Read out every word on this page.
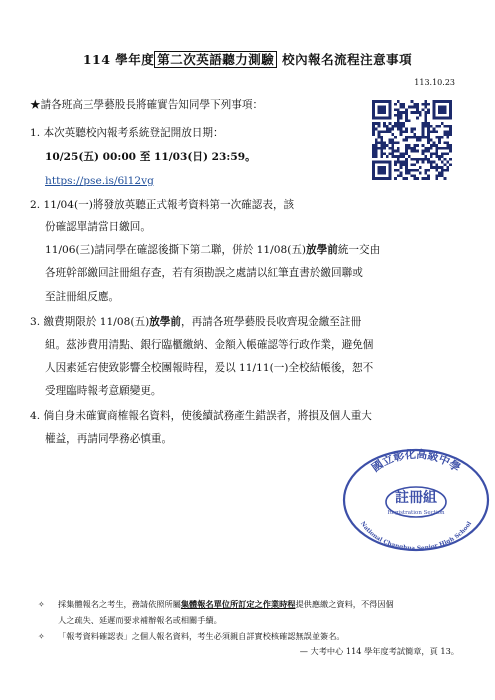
114 學年度 第二次英語聽力測驗 校內報名流程注意事項
113.10.23
★請各班高三學藝股長將確實告知同學下列事項：
1. 本次英聽校內報考系統登記開放日期：
10/25(五) 00:00 至 11/03(日) 23:59。
https://pse.is/6l12vg
2. 11/04(一)將發放英聽正式報考資料第一次確認表，該
份確認單請當日繳回。
11/06(三)請同學在確認後撕下第二聯，併於 11/08(五)放學前統一交由
各班幹部繳回註冊組存查，若有須勘誤之處請以紅筆直書於繳回聯或
至註冊組反應。
3. 繳費期限於 11/08(五)放學前，再請各班學藝股長收齊現金繳至註冊
組。茲涉費用清點、銀行臨櫃繳納、金額入帳確認等行政作業，避免個
人因素延宕使致影響全校團報時程，爰以 11/11(一)全校結帳後，恕不
受理臨時報考意願變更。
4. 倘自身未確實商榷報名資料，使後續試務產生錯誤者，將損及個人重大
權益，再請同學務必慎重。
國立彰化高級中學
註冊組
Registration Section
National Changhua Senior High School
✧ 採集體報名之考生，務請依照所屬集體報名單位所訂定之作業時程提供應繳之資料，不得因個
人之疏失、延遲而要求補辦報名或相關手續。
✧ 「報考資料確認表」之個人報名資料，考生必須親自詳實校核確認無誤並簽名。
— 大考中心 114 學年度考試簡章，頁 13。
